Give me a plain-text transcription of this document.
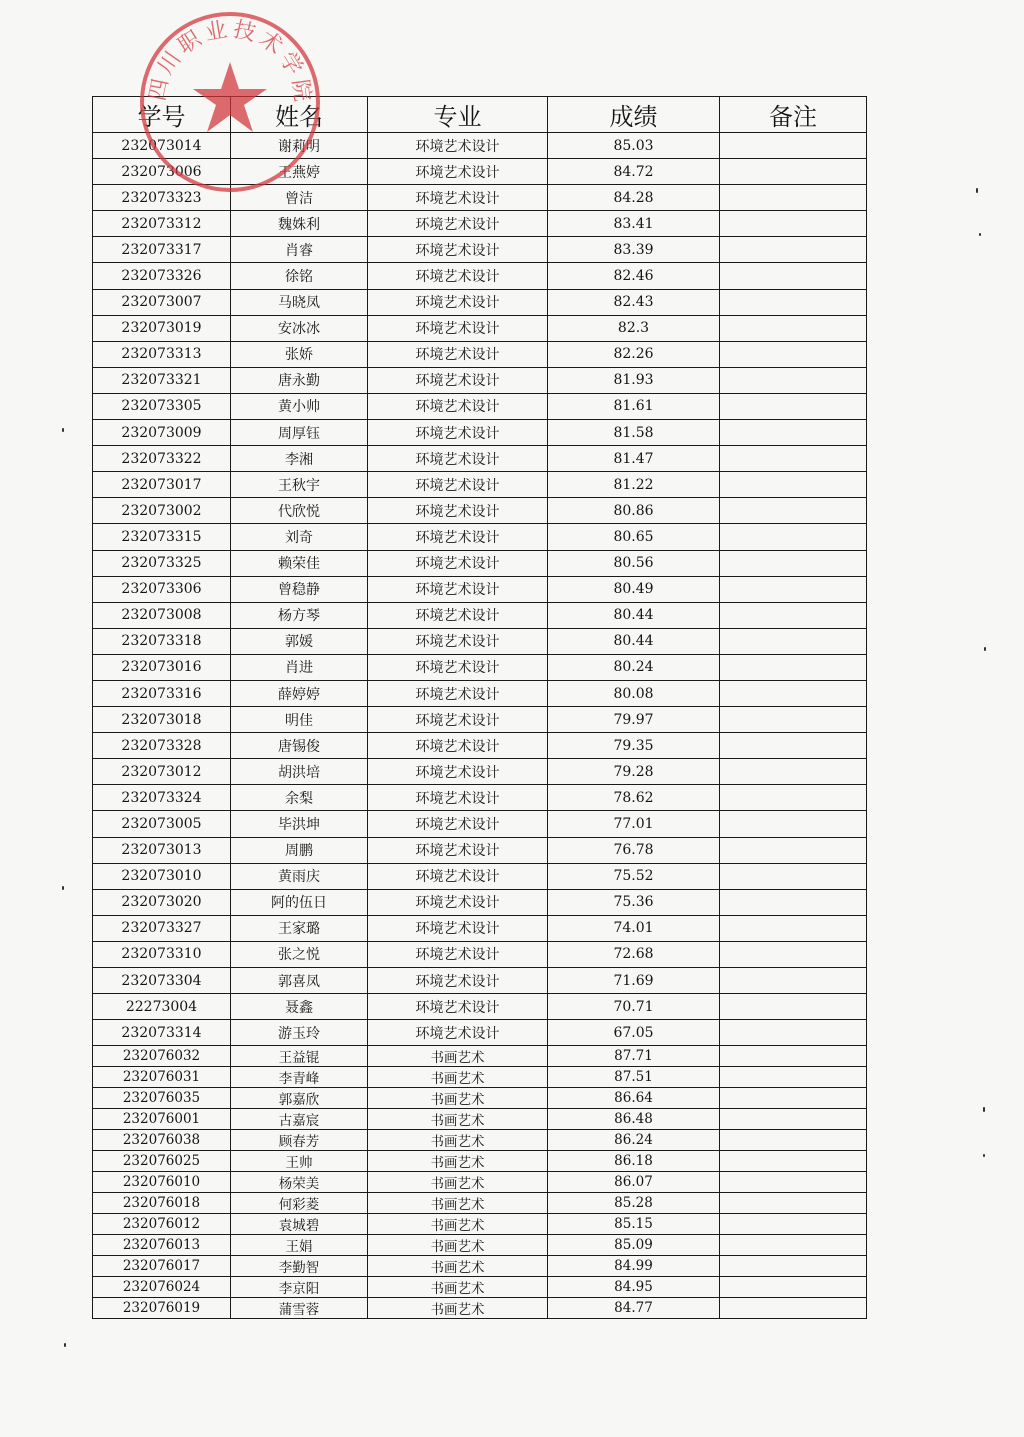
学号	姓名	专业	成绩	备注
232073014	谢莉明	环境艺术设计	85.03	
232073006	王燕婷	环境艺术设计	84.72	
232073323	曾洁	环境艺术设计	84.28	
232073312	魏姝利	环境艺术设计	83.41	
232073317	肖睿	环境艺术设计	83.39	
232073326	徐铭	环境艺术设计	82.46	
232073007	马晓凤	环境艺术设计	82.43	
232073019	安冰冰	环境艺术设计	82.3	
232073313	张娇	环境艺术设计	82.26	
232073321	唐永勤	环境艺术设计	81.93	
232073305	黄小帅	环境艺术设计	81.61	
232073009	周厚钰	环境艺术设计	81.58	
232073322	李湘	环境艺术设计	81.47	
232073017	王秋宇	环境艺术设计	81.22	
232073002	代欣悦	环境艺术设计	80.86	
232073315	刘奇	环境艺术设计	80.65	
232073325	赖荣佳	环境艺术设计	80.56	
232073306	曾稳静	环境艺术设计	80.49	
232073008	杨方琴	环境艺术设计	80.44	
232073318	郭媛	环境艺术设计	80.44	
232073016	肖进	环境艺术设计	80.24	
232073316	薛婷婷	环境艺术设计	80.08	
232073018	明佳	环境艺术设计	79.97	
232073328	唐锡俊	环境艺术设计	79.35	
232073012	胡洪培	环境艺术设计	79.28	
232073324	余梨	环境艺术设计	78.62	
232073005	毕洪坤	环境艺术设计	77.01	
232073013	周鹏	环境艺术设计	76.78	
232073010	黄雨庆	环境艺术设计	75.52	
232073020	阿的伍日	环境艺术设计	75.36	
232073327	王家璐	环境艺术设计	74.01	
232073310	张之悦	环境艺术设计	72.68	
232073304	郭喜凤	环境艺术设计	71.69	
22273004	聂鑫	环境艺术设计	70.71	
232073314	游玉玲	环境艺术设计	67.05	
232076032	王益锟	书画艺术	87.71	
232076031	李青峰	书画艺术	87.51	
232076035	郭嘉欣	书画艺术	86.64	
232076001	古嘉宸	书画艺术	86.48	
232076038	顾春芳	书画艺术	86.24	
232076025	王帅	书画艺术	86.18	
232076010	杨荣美	书画艺术	86.07	
232076018	何彩菱	书画艺术	85.28	
232076012	袁城碧	书画艺术	85.15	
232076013	王娟	书画艺术	85.09	
232076017	李勤智	书画艺术	84.99	
232076024	李京阳	书画艺术	84.95	
232076019	蒲雪蓉	书画艺术	84.77	
四川职业技术学院
